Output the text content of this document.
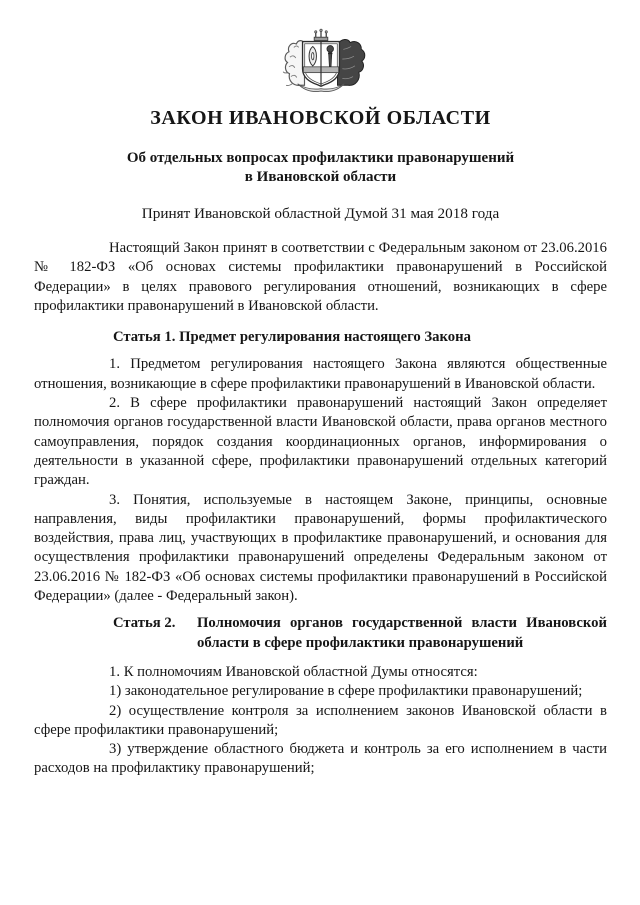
ЗАКОН ИВАНОВСКОЙ ОБЛАСТИ
Об отдельных вопросах профилактики правонарушений
в Ивановской области
Принят Ивановской областной Думой 31 мая 2018 года

Настоящий Закон принят в соответствии с Федеральным законом от 23.06.2016 № 182-ФЗ «Об основах системы профилактики правонарушений в Российской Федерации» в целях правового регулирования отношений, возникающих в сфере профилактики правонарушений в Ивановской области.

Статья 1. Предмет регулирования настоящего Закона

1. Предметом регулирования настоящего Закона являются общественные отношения, возникающие в сфере профилактики правонарушений в Ивановской области.

2. В сфере профилактики правонарушений настоящий Закон определяет полномочия органов государственной власти Ивановской области, права органов местного самоуправления, порядок создания координационных органов, информирования о деятельности в указанной сфере, профилактики правонарушений отдельных категорий граждан.

3. Понятия, используемые в настоящем Законе, принципы, основные направления, виды профилактики правонарушений, формы профилактического воздействия, права лиц, участвующих в профилактике правонарушений, и основания для осуществления профилактики правонарушений определены Федеральным законом от 23.06.2016 № 182-ФЗ «Об основах системы профилактики правонарушений в Российской Федерации» (далее - Федеральный закон).

Статья 2. Полномочия органов государственной власти Ивановской области в сфере профилактики правонарушений

1. К полномочиям Ивановской областной Думы относятся:

1) законодательное регулирование в сфере профилактики правонарушений;

2) осуществление контроля за исполнением законов Ивановской области в сфере профилактики правонарушений;

3) утверждение областного бюджета и контроль за его исполнением в части расходов на профилактику правонарушений;
